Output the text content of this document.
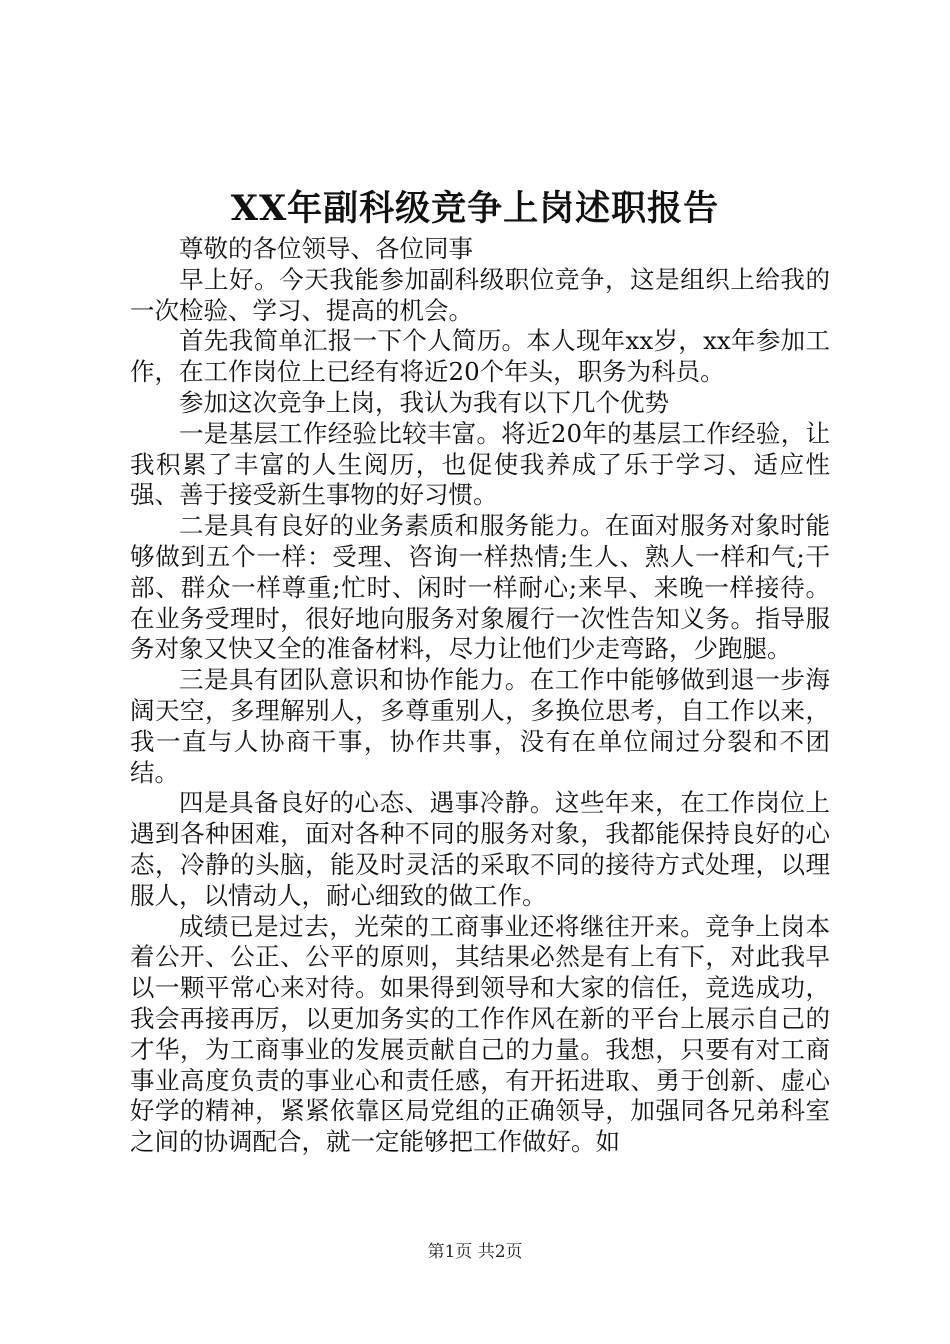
XX年副科级竞争上岗述职报告

尊敬的各位领导、各位同事

早上好。今天我能参加副科级职位竞争，这是组织上给我的一次检验、学习、提高的机会。

首先我简单汇报一下个人简历。本人现年xx岁，xx年参加工作，在工作岗位上已经有将近20个年头，职务为科员。

参加这次竞争上岗，我认为我有以下几个优势

一是基层工作经验比较丰富。将近20年的基层工作经验，让我积累了丰富的人生阅历，也促使我养成了乐于学习、适应性强、善于接受新生事物的好习惯。

二是具有良好的业务素质和服务能力。在面对服务对象时能够做到五个一样：受理、咨询一样热情;生人、熟人一样和气;干部、群众一样尊重;忙时、闲时一样耐心;来早、来晚一样接待。在业务受理时，很好地向服务对象履行一次性告知义务。指导服务对象又快又全的准备材料，尽力让他们少走弯路，少跑腿。

三是具有团队意识和协作能力。在工作中能够做到退一步海阔天空，多理解别人，多尊重别人，多换位思考，自工作以来，我一直与人协商干事，协作共事，没有在单位闹过分裂和不团结。

四是具备良好的心态、遇事冷静。这些年来，在工作岗位上遇到各种困难，面对各种不同的服务对象，我都能保持良好的心态，冷静的头脑，能及时灵活的采取不同的接待方式处理，以理服人，以情动人，耐心细致的做工作。

成绩已是过去，光荣的工商事业还将继往开来。竞争上岗本着公开、公正、公平的原则，其结果必然是有上有下，对此我早以一颗平常心来对待。如果得到领导和大家的信任，竞选成功，我会再接再厉，以更加务实的工作作风在新的平台上展示自己的才华，为工商事业的发展贡献自己的力量。我想，只要有对工商事业高度负责的事业心和责任感，有开拓进取、勇于创新、虚心好学的精神，紧紧依靠区局党组的正确领导，加强同各兄弟科室之间的协调配合，就一定能够把工作做好。如

第1页 共2页
